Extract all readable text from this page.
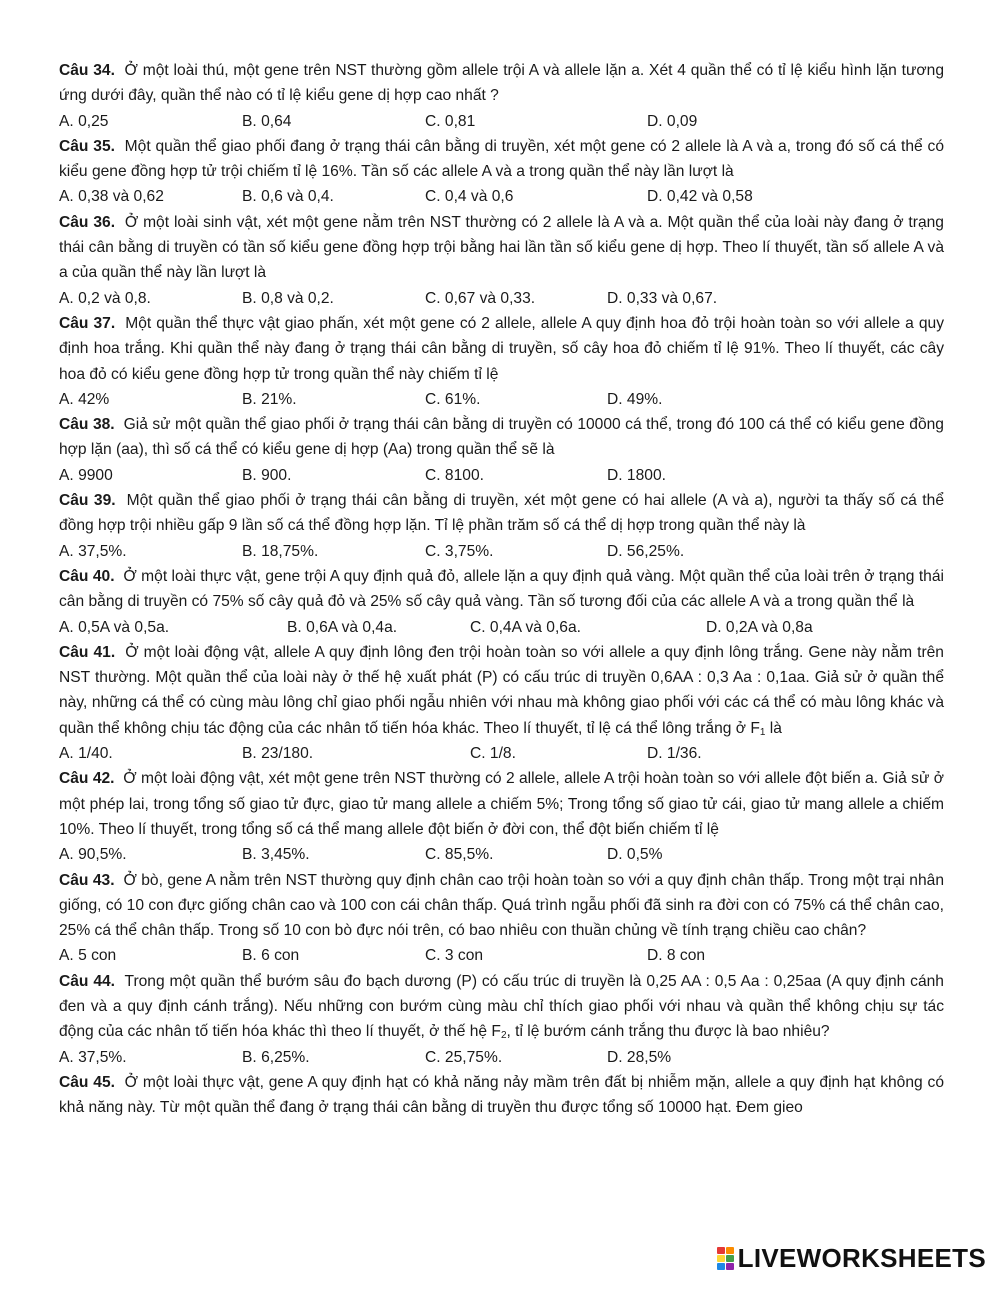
Câu 34. Ở một loài thú, một gene trên NST thường gồm allele trội A và allele lặn a. Xét 4 quần thể có tỉ lệ kiểu hình lặn tương ứng dưới đây, quần thể nào có tỉ lệ kiểu gene dị hợp cao nhất ?
A. 0,25	B. 0,64	C. 0,81	D. 0,09
Câu 35. Một quần thể giao phối đang ở trạng thái cân bằng di truyền, xét một gene có 2 allele là A và a, trong đó số cá thể có kiểu gene đồng hợp tử trội chiếm tỉ lệ 16%. Tần số các allele A và a trong quần thể này lần lượt là
A. 0,38 và 0,62	B. 0,6 và 0,4.	C. 0,4 và 0,6	D. 0,42 và 0,58
Câu 36. Ở một loài sinh vật, xét một gene nằm trên NST thường có 2 allele là A và a. Một quần thể của loài này đang ở trạng thái cân bằng di truyền có tần số kiểu gene đồng hợp trội bằng hai lần tần số kiểu gene dị hợp. Theo lí thuyết, tần số allele A và a của quần thể này lần lượt là
A. 0,2 và 0,8.	B. 0,8 và 0,2.	C. 0,67 và 0,33.	D. 0,33 và 0,67.
Câu 37. Một quần thể thực vật giao phấn, xét một gene có 2 allele, allele A quy định hoa đỏ trội hoàn toàn so với allele a quy định hoa trắng. Khi quần thể này đang ở trạng thái cân bằng di truyền, số cây hoa đỏ chiếm tỉ lệ 91%. Theo lí thuyết, các cây hoa đỏ có kiểu gene đồng hợp tử trong quần thể này chiếm tỉ lệ
A. 42%	B. 21%.	C. 61%.	D. 49%.
Câu 38. Giả sử một quần thể giao phối ở trạng thái cân bằng di truyền có 10000 cá thể, trong đó 100 cá thể có kiểu gene đồng hợp lặn (aa), thì số cá thể có kiểu gene dị hợp (Aa) trong quần thể sẽ là
A. 9900	B. 900.	C. 8100.	D. 1800.
Câu 39. Một quần thể giao phối ở trạng thái cân bằng di truyền, xét một gene có hai allele (A và a), người ta thấy số cá thể đồng hợp trội nhiều gấp 9 lần số cá thể đồng hợp lặn. Tỉ lệ phần trăm số cá thể dị hợp trong quần thể này là
A. 37,5%.	B. 18,75%.	C. 3,75%.	D. 56,25%.
Câu 40. Ở một loài thực vật, gene trội A quy định quả đỏ, allele lặn a quy định quả vàng. Một quần thể của loài trên ở trạng thái cân bằng di truyền có 75% số cây quả đỏ và 25% số cây quả vàng. Tần số tương đối của các allele A và a trong quần thể là
A. 0,5A và 0,5a.	B. 0,6A và 0,4a.	C. 0,4A và 0,6a.	D. 0,2A và 0,8a
Câu 41. Ở một loài động vật, allele A quy định lông đen trội hoàn toàn so với allele a quy định lông trắng. Gene này nằm trên NST thường. Một quần thể của loài này ở thế hệ xuất phát (P) có cấu trúc di truyền 0,6AA : 0,3 Aa : 0,1aa. Giả sử ở quần thể này, những cá thể có cùng màu lông chỉ giao phối ngẫu nhiên với nhau mà không giao phối với các cá thể có màu lông khác và quần thể không chịu tác động của các nhân tố tiến hóa khác. Theo lí thuyết, tỉ lệ cá thể lông trắng ở $F_1$ là
A. 1/40.	B. 23/180.	C. 1/8.	D. 1/36.
Câu 42. Ở một loài động vật, xét một gene trên NST thường có 2 allele, allele A trội hoàn toàn so với allele đột biến a. Giả sử ở một phép lai, trong tổng số giao tử đực, giao tử mang allele a chiếm 5%; Trong tổng số giao tử cái, giao tử mang allele a chiếm 10%. Theo lí thuyết, trong tổng số cá thể mang allele đột biến ở đời con, thể đột biến chiếm tỉ lệ
A. 90,5%.	B. 3,45%.	C. 85,5%.	D. 0,5%
Câu 43. Ở bò, gene A nằm trên NST thường quy định chân cao trội hoàn toàn so với a quy định chân thấp. Trong một trại nhân giống, có 10 con đực giống chân cao và 100 con cái chân thấp. Quá trình ngẫu phối đã sinh ra đời con có 75% cá thể chân cao, 25% cá thể chân thấp. Trong số 10 con bò đực nói trên, có bao nhiêu con thuần chủng về tính trạng chiều cao chân?
A. 5 con	B. 6 con	C. 3 con	D. 8 con
Câu 44. Trong một quần thể bướm sâu đo bạch dương (P) có cấu trúc di truyền là 0,25 AA : 0,5 Aa : 0,25aa (A quy định cánh đen và a quy định cánh trắng). Nếu những con bướm cùng màu chỉ thích giao phối với nhau và quần thể không chịu sự tác động của các nhân tố tiến hóa khác thì theo lí thuyết, ở thế hệ $F_2$, tỉ lệ bướm cánh trắng thu được là bao nhiêu?
A. 37,5%.	B. 6,25%.	C. 25,75%.	D. 28,5%
Câu 45. Ở một loài thực vật, gene A quy định hạt có khả năng nảy mầm trên đất bị nhiễm mặn, allele a quy định hạt không có khả năng này. Từ một quần thể đang ở trạng thái cân bằng di truyền thu được tổng số 10000 hạt. Đem gieo
LIVEWORKSHEETS
